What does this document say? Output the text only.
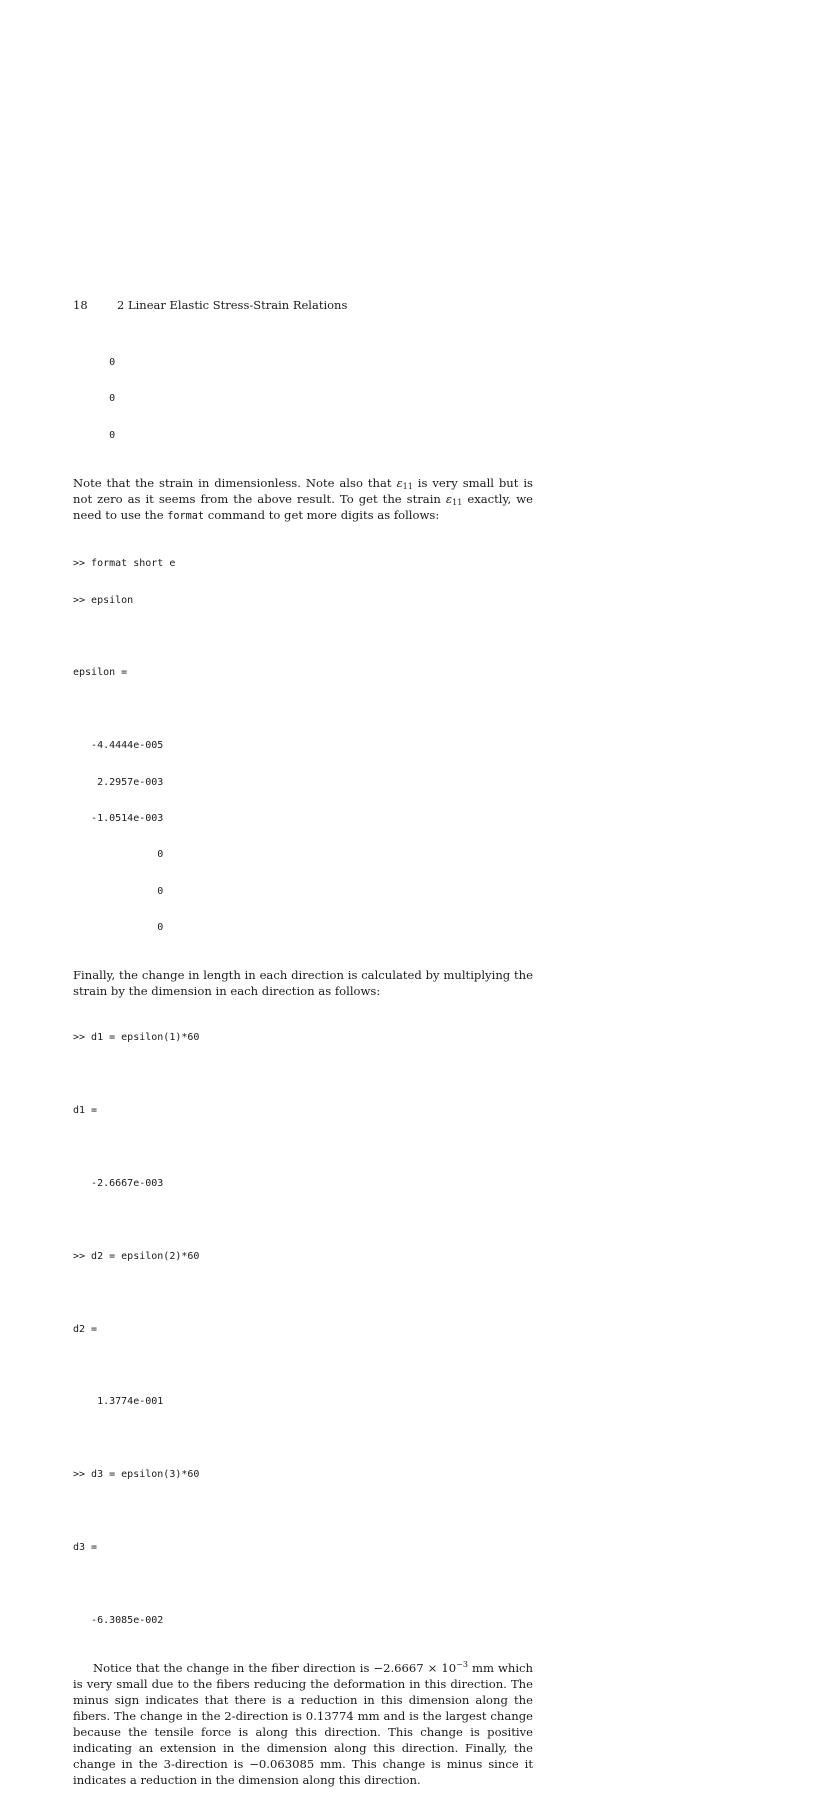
18	2 Linear Elastic Stress-Strain Relations

0

0

0

Note that the strain in dimensionless. Note also that $\varepsilon_{11}$ is very small but is not zero as it seems from the above result. To get the strain $\varepsilon_{11}$ exactly, we need to use the format command to get more digits as follows:

>> format short e

>> epsilon

epsilon =

-4.4444e-005

2.2957e-003

-1.0514e-003

0

0

0

Finally, the change in length in each direction is calculated by multiplying the strain by the dimension in each direction as follows:

>> d1 = epsilon(1)*60

d1 =

-2.6667e-003

>> d2 = epsilon(2)*60

d2 =

1.3774e-001

>> d3 = epsilon(3)*60

d3 =

-6.3085e-002

Notice that the change in the fiber direction is $-2.6667 \times 10^{-3}$ mm which is very small due to the fibers reducing the deformation in this direction. The minus sign indicates that there is a reduction in this dimension along the fibers. The change in the 2-direction is 0.13774 mm and is the largest change because the tensile force is along this direction. This change is positive indicating an extension in the dimension along this direction. Finally, the change in the 3-direction is −0.063085 mm. This change is minus since it indicates a reduction in the dimension along this direction.
